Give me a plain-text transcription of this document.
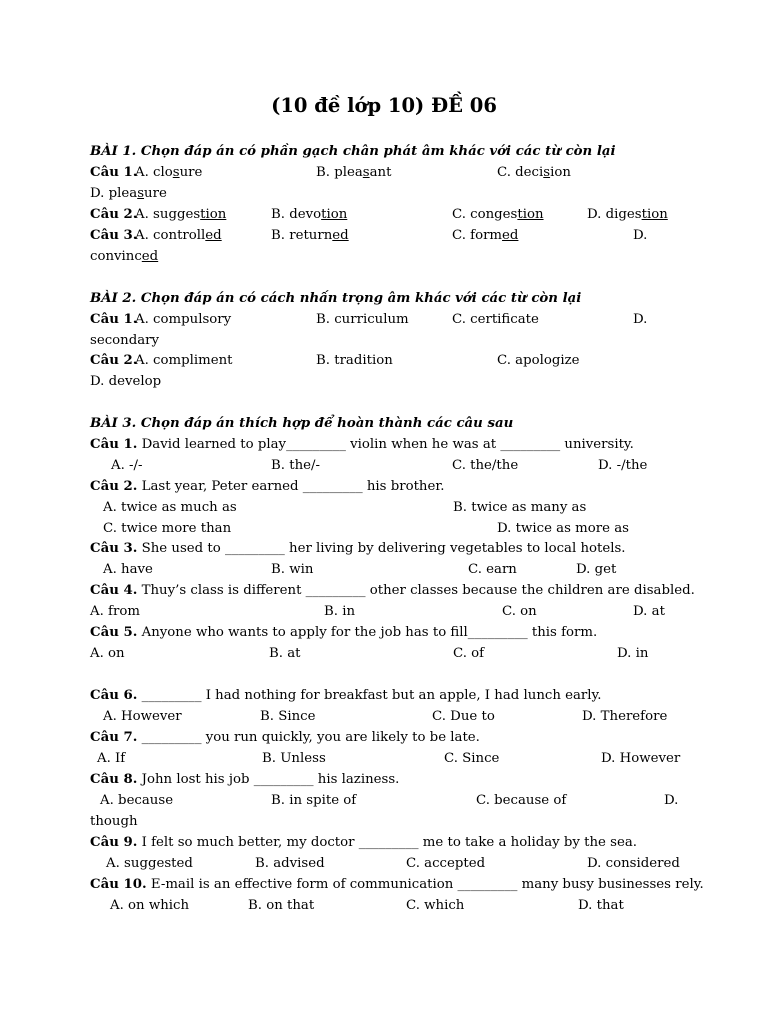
(10 đề lớp 10) ĐỀ 06
BÀI 1. Chọn đáp án có phần gạch chân phát âm khác với các từ còn lại
Câu 1.
A. closure	B. pleasant	C. decision
D. pleasure
Câu 2.
A. suggestion	B. devotion	C. congestion	D. digestion
Câu 3.
A. controlled	B. returned	C. formed	D.
convinced
BÀI 2. Chọn đáp án có cách nhấn trọng âm khác với các từ còn lại
Câu 1.
A. compulsory	B. curriculum	C. certificate	D.
secondary
Câu 2.
A. compliment	B. tradition	C. apologize
D. develop
BÀI 3. Chọn đáp án thích hợp để hoàn thành các câu sau
Câu 1. David learned to play_________ violin when he was at _________ university.
A. -/-	B. the/-	C. the/the	D. -/the
Câu 2. Last year, Peter earned _________ his brother.
A. twice as much as	B. twice as many as
C. twice more than	D. twice as more as
Câu 3. She used to _________ her living by delivering vegetables to local hotels.
A. have	B. win	C. earn	D. get
Câu 4. Thuy’s class is different _________ other classes because the children are disabled.
A. from	B. in	C. on	D. at
Câu 5. Anyone who wants to apply for the job has to fill_________ this form.
A. on	B. at	C. of	D. in
Câu 6. _________ I had nothing for breakfast but an apple, I had lunch early.
A. However	B. Since	C. Due to	D. Therefore
Câu 7. _________ you run quickly, you are likely to be late.
A. If	B. Unless	C. Since	D. However
Câu 8. John lost his job _________ his laziness.
A. because	B. in spite of	C. because of	D.
though
Câu 9. I felt so much better, my doctor _________ me to take a holiday by the sea.
A. suggested	B. advised	C. accepted	D. considered
Câu 10. E-mail is an effective form of communication _________ many busy businesses rely.
A. on which	B. on that	C. which	D. that
